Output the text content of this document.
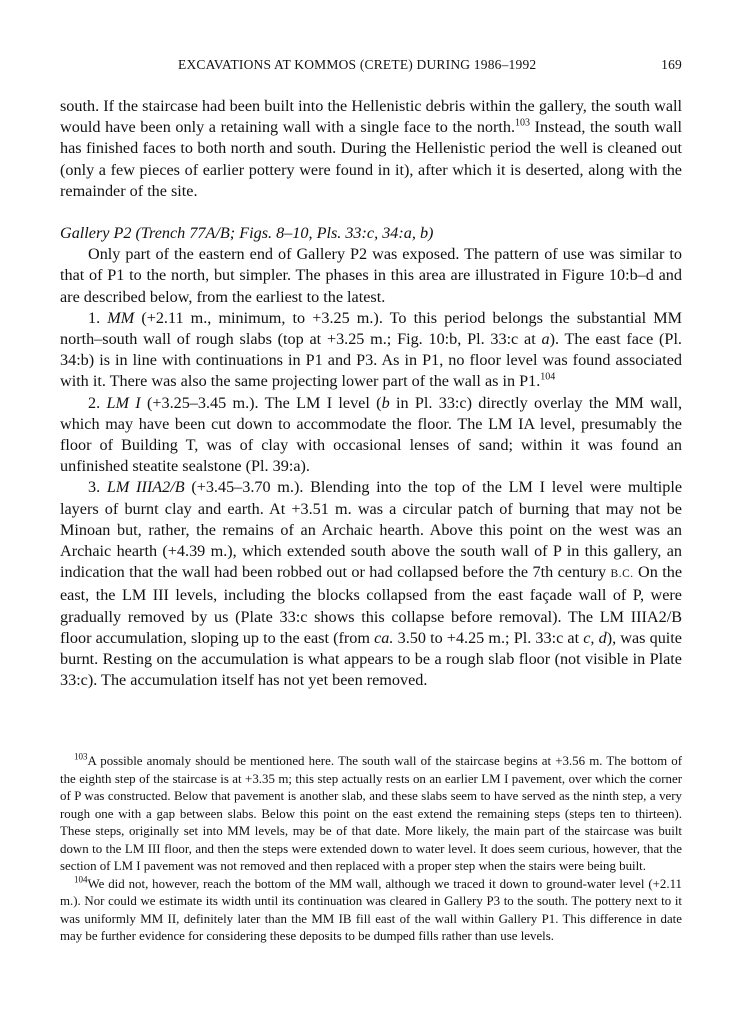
EXCAVATIONS AT KOMMOS (CRETE) DURING 1986–1992	169

south. If the staircase had been built into the Hellenistic debris within the gallery, the south wall would have been only a retaining wall with a single face to the north.$^{103}$ Instead, the south wall has finished faces to both north and south. During the Hellenistic period the well is cleaned out (only a few pieces of earlier pottery were found in it), after which it is deserted, along with the remainder of the site.

Gallery P2 (Trench 77A/B; Figs. 8–10, Pls. 33:c, 34:a, b)

Only part of the eastern end of Gallery P2 was exposed. The pattern of use was similar to that of P1 to the north, but simpler. The phases in this area are illustrated in Figure 10:b–d and are described below, from the earliest to the latest.

1. MM (+2.11 m., minimum, to +3.25 m.). To this period belongs the substantial MM north–south wall of rough slabs (top at +3.25 m.; Fig. 10:b, Pl. 33:c at a). The east face (Pl. 34:b) is in line with continuations in P1 and P3. As in P1, no floor level was found associated with it. There was also the same projecting lower part of the wall as in P1.$^{104}$

2. LM I (+3.25–3.45 m.). The LM I level (b in Pl. 33:c) directly overlay the MM wall, which may have been cut down to accommodate the floor. The LM IA level, presumably the floor of Building T, was of clay with occasional lenses of sand; within it was found an unfinished steatite sealstone (Pl. 39:a).

3. LM IIIA2/B (+3.45–3.70 m.). Blending into the top of the LM I level were multiple layers of burnt clay and earth. At +3.51 m. was a circular patch of burning that may not be Minoan but, rather, the remains of an Archaic hearth. Above this point on the west was an Archaic hearth (+4.39 m.), which extended south above the south wall of P in this gallery, an indication that the wall had been robbed out or had collapsed before the 7th century B.C. On the east, the LM III levels, including the blocks collapsed from the east façade wall of P, were gradually removed by us (Plate 33:c shows this collapse before removal). The LM IIIA2/B floor accumulation, sloping up to the east (from ca. 3.50 to +4.25 m.; Pl. 33:c at c, d), was quite burnt. Resting on the accumulation is what appears to be a rough slab floor (not visible in Plate 33:c). The accumulation itself has not yet been removed.

$^{103}$A possible anomaly should be mentioned here. The south wall of the staircase begins at +3.56 m. The bottom of the eighth step of the staircase is at +3.35 m; this step actually rests on an earlier LM I pavement, over which the corner of P was constructed. Below that pavement is another slab, and these slabs seem to have served as the ninth step, a very rough one with a gap between slabs. Below this point on the east extend the remaining steps (steps ten to thirteen). These steps, originally set into MM levels, may be of that date. More likely, the main part of the staircase was built down to the LM III floor, and then the steps were extended down to water level. It does seem curious, however, that the section of LM I pavement was not removed and then replaced with a proper step when the stairs were being built.

$^{104}$We did not, however, reach the bottom of the MM wall, although we traced it down to ground-water level (+2.11 m.). Nor could we estimate its width until its continuation was cleared in Gallery P3 to the south. The pottery next to it was uniformly MM II, definitely later than the MM IB fill east of the wall within Gallery P1. This difference in date may be further evidence for considering these deposits to be dumped fills rather than use levels.
